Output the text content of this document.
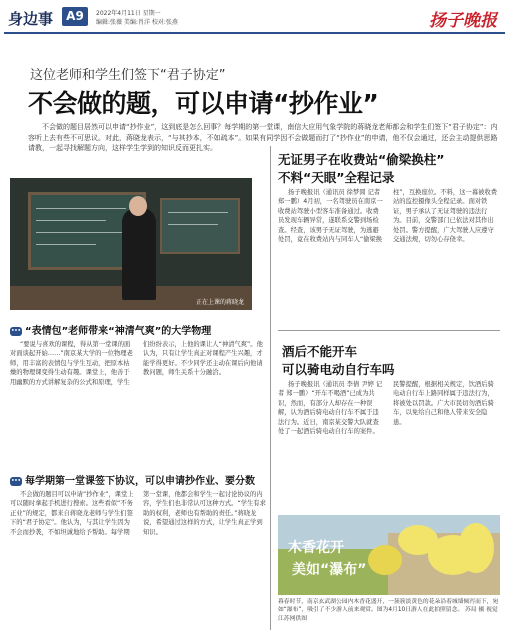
身边事	A9	2022年4月11日 星期一
编辑:张薇 美编:肖洋 校对:张燕	扬子晚报
这位老师和学生们签下“君子协定”
不会做的题，可以申请“抄作业”
不会做的题目居然可以申请“抄作业”，这到底是怎么回事？每学期的第一堂课，南信大应用气象学院的蒋晓龙老师都会和学生们签下“君子协定”：内容听上去有些不可思议。对此，蒋晓龙表示，“与其抄本，不如疏本”。如果有同学因不会做题而打了“抄作业”的申请，他不仅会通过，还会主动提供思路请教，一起寻找解题方向，这样学生学到的知识反而更扎实。
正在上课的蒋晓龙
无证男子在收费站“偷梁换柱”
不料“天眼”全程记录
扬子晚报讯（通讯员 徐梦圆 记者 郑一鹏）4月初，一名驾驶员在南京一收费站驾驶小型客车准备通过。收费员发现车辆异常，遂联系交警到场检查。经查，该男子无证驾驶，为逃避处罚，竟在收费站内与同车人“偷梁换柱”，互换座位。不料，这一幕被收费站的监控摄像头全程记录。面对铁证，男子承认了无证驾驶的违法行为。目前，交警部门已依法对其作出处罚。警方提醒，广大驾驶人应遵守交通法规，切勿心存侥幸。
酒后不能开车
可以骑电动自行车吗
扬子晚报讯（通讯员 李倩 尹婷 记者 郑一鹏）“开车不喝酒”已成为共识，然而，有部分人却存在一种误解，认为酒后骑电动自行车不属于违法行为。近日，南京某交警大队就查处了一起酒后骑电动自行车的案件。民警提醒，根据相关规定，饮酒后骑电动自行车上路同样属于违法行为，将被处以罚款。广大市民切勿酒后骑车，以免给自己和他人带来安全隐患。
木香花开
美如“瀑布”
暮春时节，南京玄武湖公园内木香花盛开，一簇簇淡黄色的花朵沿着城墙倾泻而下，宛如“瀑布”，吸引了不少游人前来观赏。图为4月10日游人在此拍照留念。 苏局 摄 视觉江苏网供图
••• “表情包”老师带来“神清气爽”的大学物理
“要说与喜欢的课程，得从第一堂课的面对面谈起开始……”南京某大学的一位物理老师，用丰富的表情包与学生互动，把原本枯燥的物理课变得生动有趣。课堂上，他善于用幽默的方式讲解复杂的公式和原理，学生们纷纷表示，上他的课让人“神清气爽”。他认为，只有让学生真正对课程产生兴趣，才能学得更好。不少同学还主动在课后向他请教问题，师生关系十分融洽。
••• 每学期第一堂课签下协议，可以申请抄作业、要分数
不会做的题目可以申请“抄作业”，课堂上可以随时拿起手机进行搜索。这些看似“不务正业”的规定，都来自蒋晓龙老师与学生们签下的“君子协定”。他认为，与其让学生因为不会而抄袭，不如坦诚地给予帮助。每学期第一堂课，他都会和学生一起讨论协议的内容，学生们也非常认可这种方式。“学生有求助的权利，老师也有帮助的责任。”蒋晓龙说，希望通过这样的方式，让学生真正学到知识。
